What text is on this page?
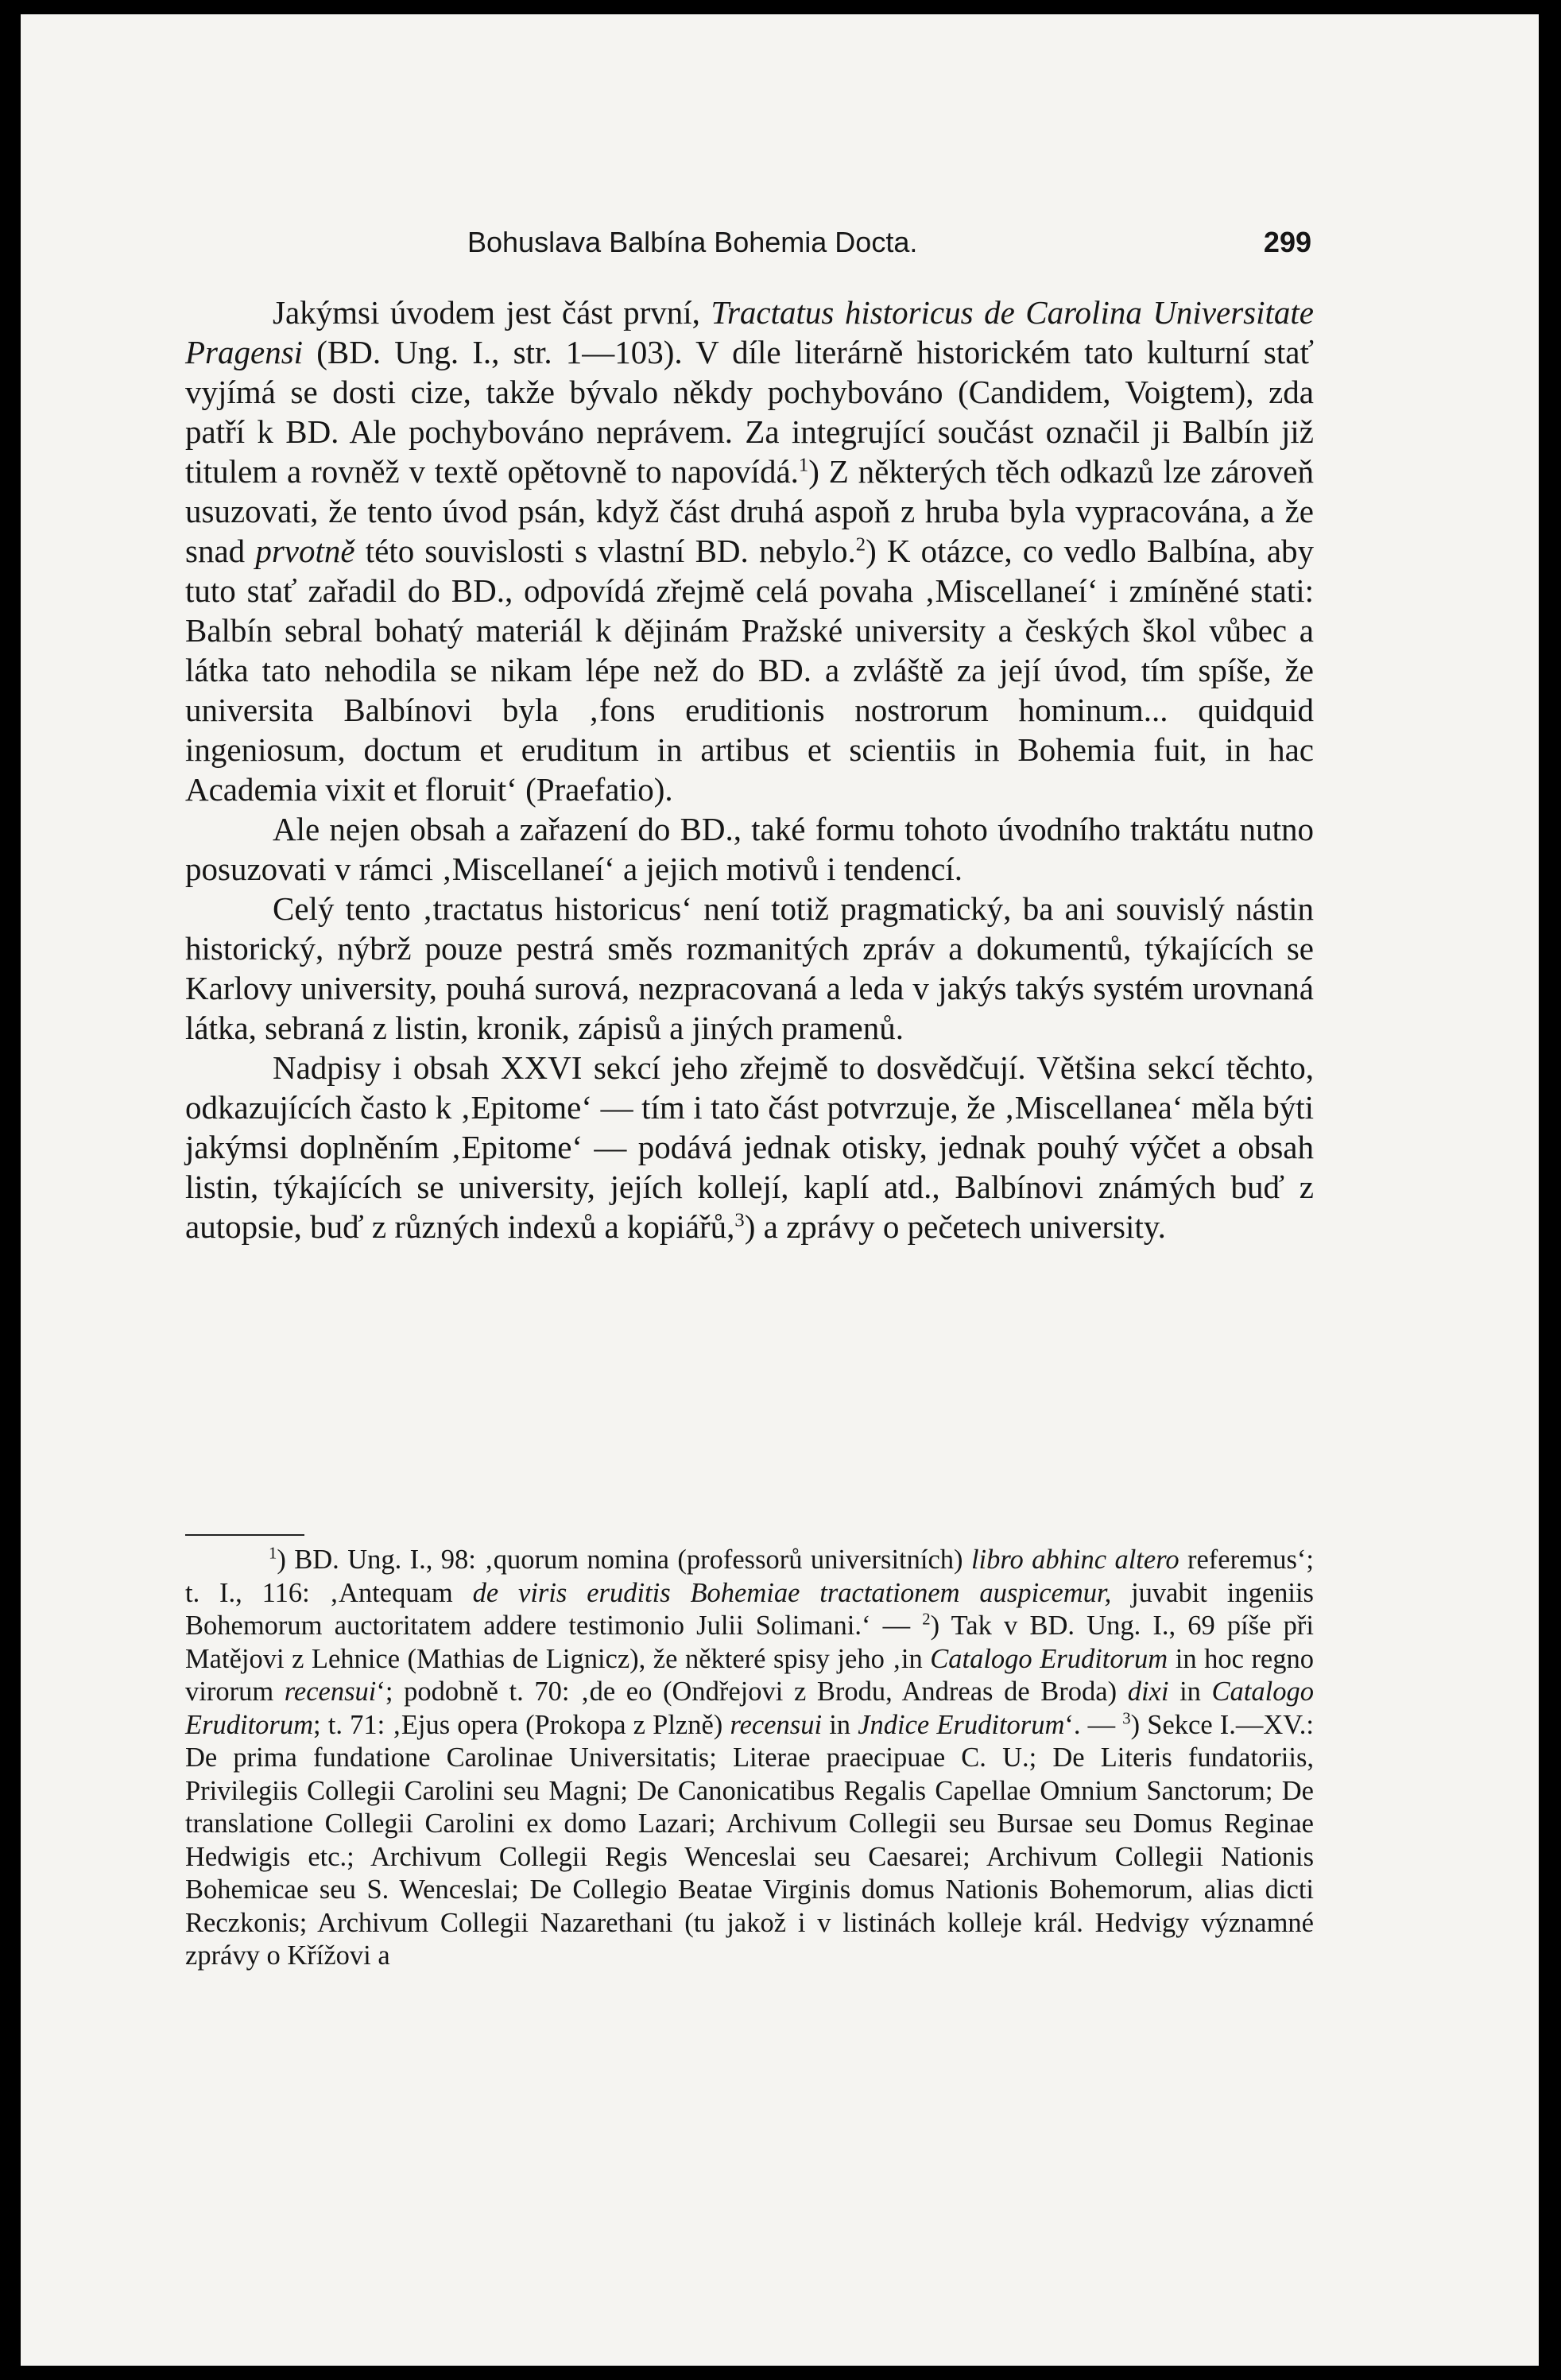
Bohuslava Balbína Bohemia Docta.	299

Jakýmsi úvodem jest část první, Tractatus historicus de Carolina Universitate Pragensi (BD. Ung. I., str. 1—103). V díle literárně historickém tato kulturní stať vyjímá se dosti cize, takže bývalo někdy pochybováno (Candidem, Voigtem), zda patří k BD. Ale pochybováno neprávem. Za integrující součást označil ji Balbín již titulem a rovněž v textě opětovně to napovídá.$^1$) Z některých těch odkazů lze zároveň usuzovati, že tento úvod psán, když část druhá aspoň z hruba byla vypracována, a že snad prvotně této souvislosti s vlastní BD. nebylo.$^2$) K otázce, co vedlo Balbína, aby tuto stať zařadil do BD., odpovídá zřejmě celá povaha ‚Miscellaneí‘ i zmíněné stati: Balbín sebral bohatý materiál k dějinám Pražské university a českých škol vůbec a látka tato nehodila se nikam lépe než do BD. a zvláště za její úvod, tím spíše, že universita Balbínovi byla ‚fons eruditionis nostrorum hominum... quidquid ingeniosum, doctum et eruditum in artibus et scientiis in Bohemia fuit, in hac Academia vixit et floruit‘ (Praefatio).

Ale nejen obsah a zařazení do BD., také formu tohoto úvodního traktátu nutno posuzovati v rámci ‚Miscellaneí‘ a jejich motivů i tendencí.

Celý tento ‚tractatus historicus‘ není totiž pragmatický, ba ani souvislý nástin historický, nýbrž pouze pestrá směs rozmanitých zpráv a dokumentů, týkajících se Karlovy university, pouhá surová, nezpracovaná a leda v jakýs takýs systém urovnaná látka, sebraná z listin, kronik, zápisů a jiných pramenů.

Nadpisy i obsah XXVI sekcí jeho zřejmě to dosvědčují. Většina sekcí těchto, odkazujících často k ‚Epitome‘ — tím i tato část potvrzuje, že ‚Miscellanea‘ měla býti jakýmsi doplněním ‚Epitome‘ — podává jednak otisky, jednak pouhý výčet a obsah listin, týkajících se university, jejích kollejí, kaplí atd., Balbínovi známých buď z autopsie, buď z různých indexů a kopiářů,$^3$) a zprávy o pečetech university.

$^1$) BD. Ung. I., 98: ‚quorum nomina (professorů universitních) libro abhinc altero referemus‘; t. I., 116: ‚Antequam de viris eruditis Bohemiae tractationem auspicemur, juvabit ingeniis Bohemorum auctoritatem addere testimonio Julii Solimani.‘ — $^2$) Tak v BD. Ung. I., 69 píše při Matějovi z Lehnice (Mathias de Lignicz), že některé spisy jeho ‚in Catalogo Eruditorum in hoc regno virorum recensui‘; podobně t. 70: ‚de eo (Ondřejovi z Brodu, Andreas de Broda) dixi in Catalogo Eruditorum; t. 71: ‚Ejus opera (Prokopa z Plzně) recensui in Jndice Eruditorum‘. — $^3$) Sekce I.—XV.: De prima fundatione Carolinae Universitatis; Literae praecipuae C. U.; De Literis fundatoriis, Privilegiis Collegii Carolini seu Magni; De Canonicatibus Regalis Capellae Omnium Sanctorum; De translatione Collegii Carolini ex domo Lazari; Archivum Collegii seu Bursae seu Domus Reginae Hedwigis etc.; Archivum Collegii Regis Wenceslai seu Caesarei; Archivum Collegii Nationis Bohemicae seu S. Wenceslai; De Collegio Beatae Virginis domus Nationis Bohemorum, alias dicti Reczkonis; Archivum Collegii Nazarethani (tu jakož i v listinách kolleje král. Hedvigy významné zprávy o Křížovi a
